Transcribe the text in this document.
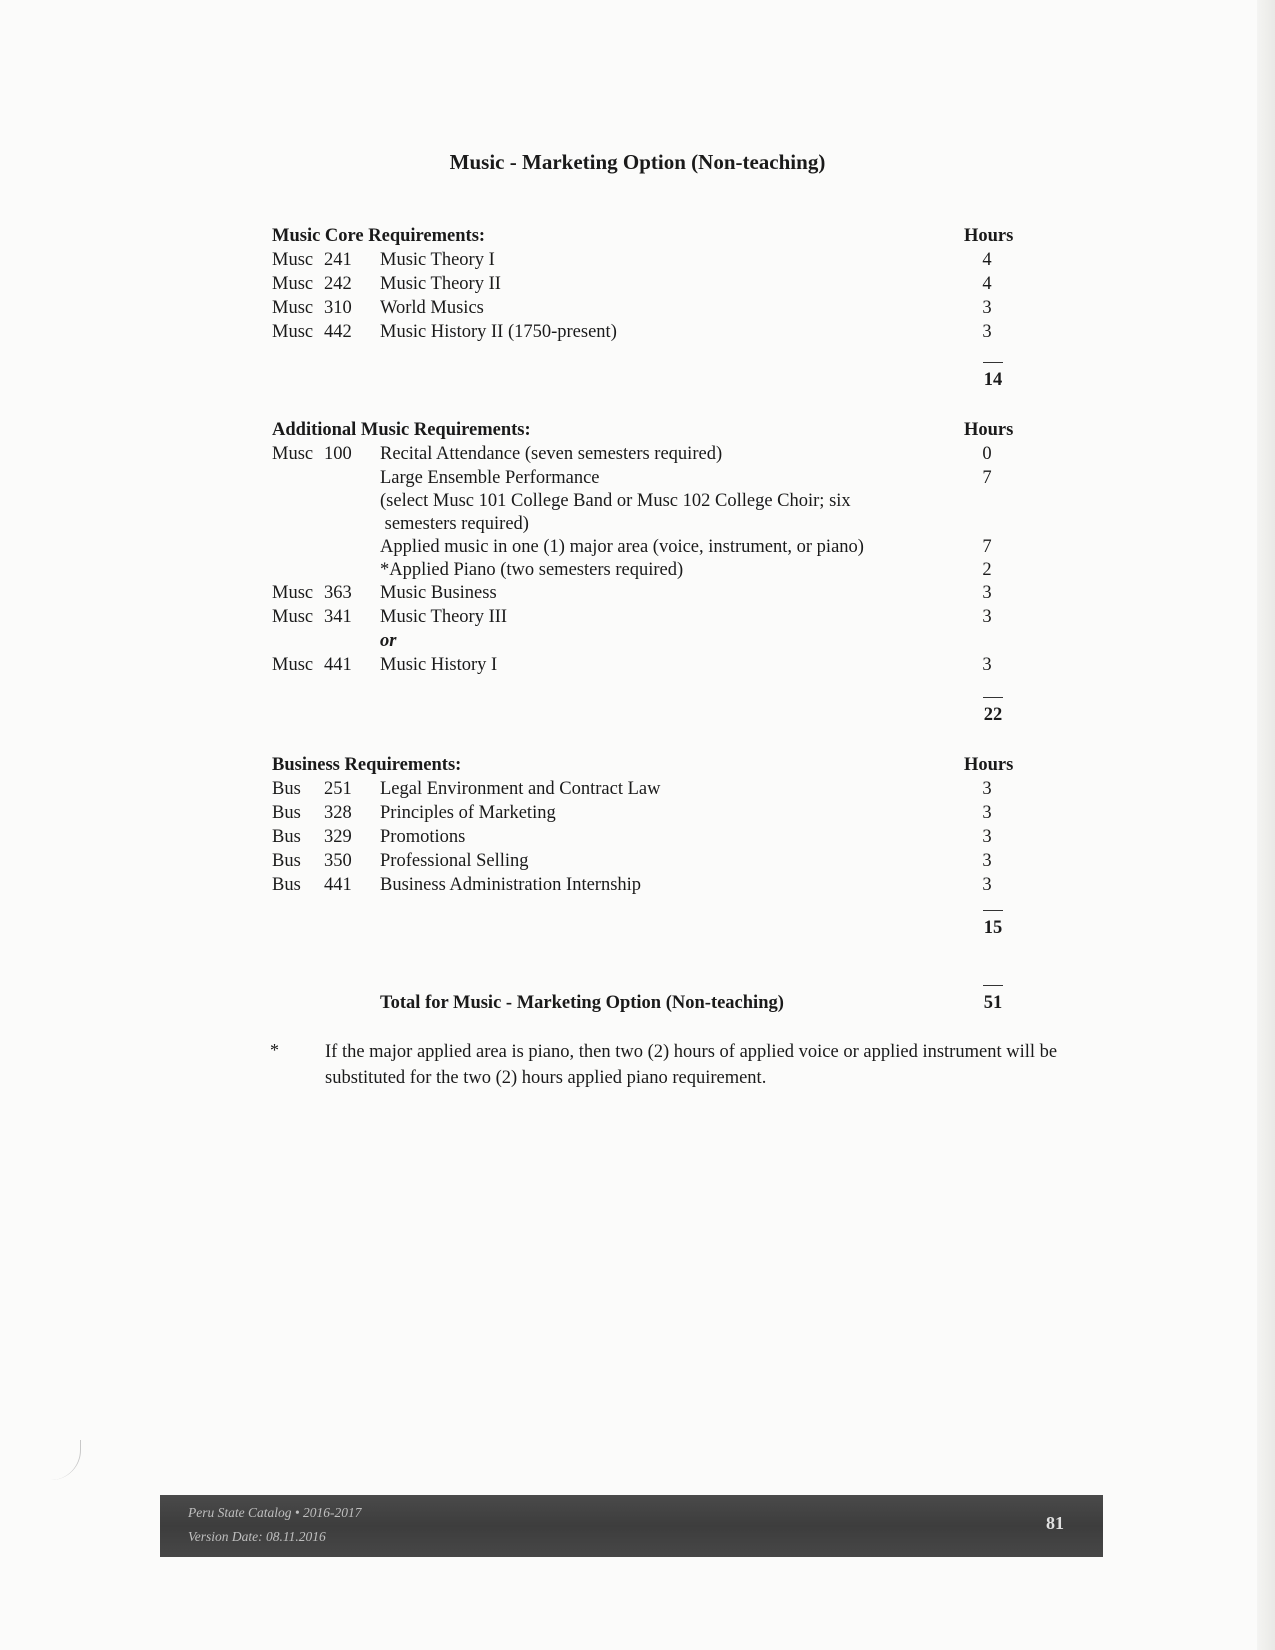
Music - Marketing Option (Non-teaching)
Music Core Requirements:	Hours
Musc 241 Music Theory I	4
Musc 242 Music Theory II	4
Musc 310 World Musics	3
Musc 442 Music History II (1750-present)	3
14
Additional Music Requirements:	Hours
Musc 100 Recital Attendance (seven semesters required)	0
Large Ensemble Performance	7
(select Musc 101 College Band or Musc 102 College Choir; six
semesters required)
Applied music in one (1) major area (voice, instrument, or piano)	7
*Applied Piano (two semesters required)	2
Musc 363 Music Business	3
Musc 341 Music Theory III	3
or
Musc 441 Music History I	3
22
Business Requirements:	Hours
Bus 251 Legal Environment and Contract Law	3
Bus 328 Principles of Marketing	3
Bus 329 Promotions	3
Bus 350 Professional Selling	3
Bus 441 Business Administration Internship	3
15
Total for Music - Marketing Option (Non-teaching)	51
* If the major applied area is piano, then two (2) hours of applied voice or applied instrument will be substituted for the two (2) hours applied piano requirement.
Peru State Catalog • 2016-2017
Version Date: 08.11.2016
81
